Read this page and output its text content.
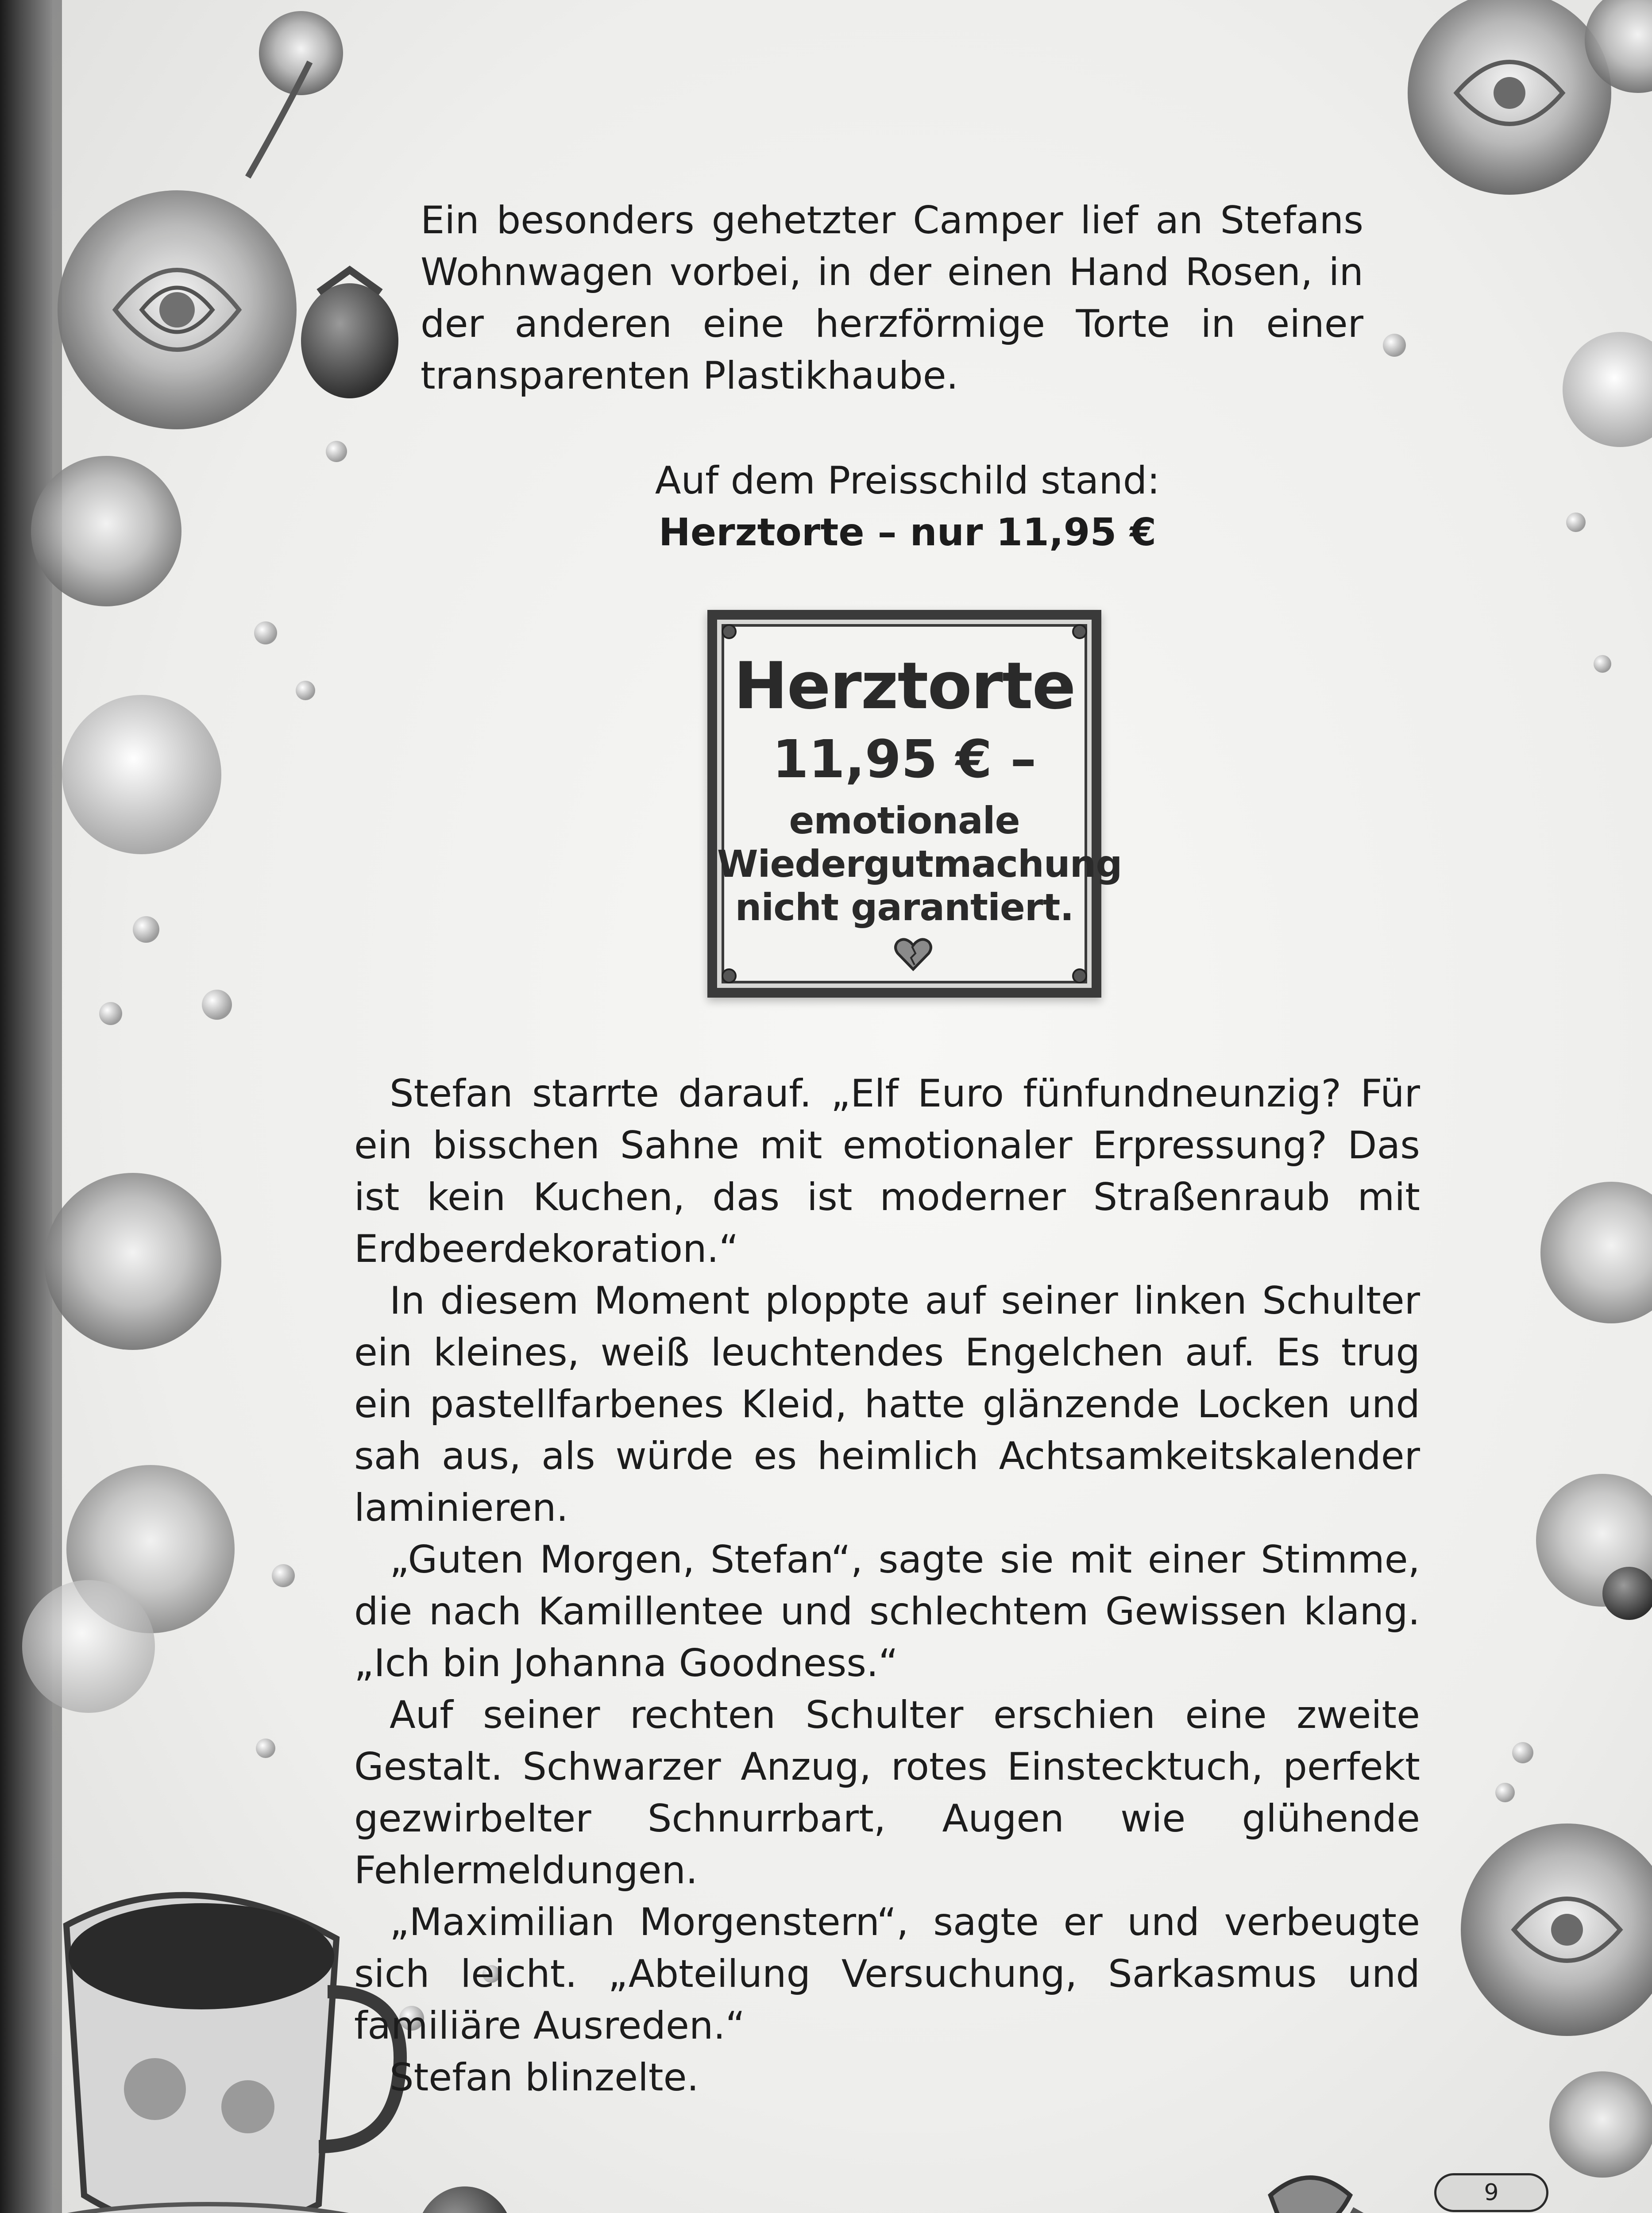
Ein besonders gehetzter Camper lief an Stefans Wohnwagen vorbei, in der einen Hand Rosen, in der anderen eine herzförmige Torte in einer transparenten Plastikhaube.

Auf dem Preisschild stand:

Herztorte – nur 11,95 €

Herztorte
11,95 € –
emotionale
Wiedergutmachung
nicht garantiert.

Stefan starrte darauf. „Elf Euro fünfundneunzig? Für ein bisschen Sahne mit emotionaler Erpressung? Das ist kein Kuchen, das ist moderner Straßenraub mit Erdbeerdekoration.“

In diesem Moment ploppte auf seiner linken Schulter ein kleines, weiß leuchtendes Engelchen auf. Es trug ein pastellfarbenes Kleid, hatte glänzende Locken und sah aus, als würde es heimlich Achtsamkeitskalender laminieren.

„Guten Morgen, Stefan“, sagte sie mit einer Stimme, die nach Kamillentee und schlechtem Gewissen klang. „Ich bin Johanna Goodness.“

Auf seiner rechten Schulter erschien eine zweite Gestalt. Schwarzer Anzug, rotes Einstecktuch, perfekt gezwirbelter Schnurrbart, Augen wie glühende Fehlermeldungen.

„Maximilian Morgenstern“, sagte er und verbeugte sich leicht. „Abteilung Versuchung, Sarkasmus und familiäre Ausreden.“

Stefan blinzelte.

9
